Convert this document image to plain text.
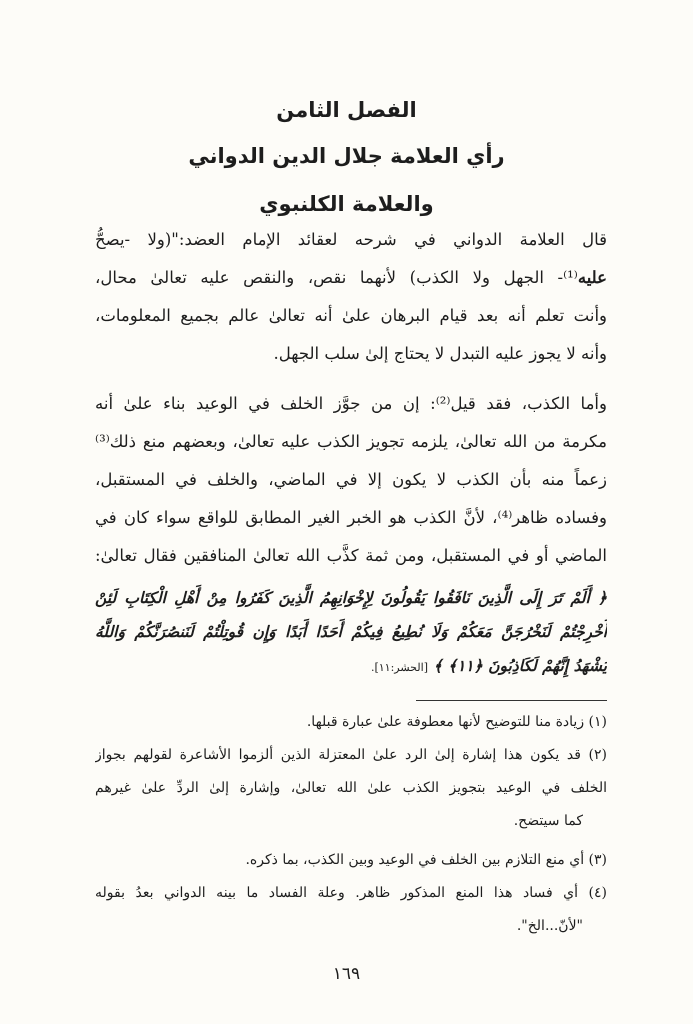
الفصل الثامن
رأي العلامة جلال الدين الدواني
والعلامة الكلنبوي
قال العلامة الدواني في شرحه لعقائد الإمام العضد:"(ولا -يصحُّ
عليه⁽¹⁾- الجهل ولا الكذب) لأنهما نقص، والنقص عليه تعالىٰ محال،
وأنت تعلم أنه بعد قيام البرهان علىٰ أنه تعالىٰ عالم بجميع المعلومات،
وأنه لا يجوز عليه التبدل لا يحتاج إلىٰ سلب الجهل.
وأما الكذب، فقد قيل⁽²⁾: إن من جوَّز الخلف في الوعيد بناء علىٰ أنه
مكرمة من الله تعالىٰ، يلزمه تجويز الكذب عليه تعالىٰ، وبعضهم منع ذلك⁽³⁾
زعماً منه بأن الكذب لا يكون إلا في الماضي، والخلف في المستقبل،
وفساده ظاهر⁽⁴⁾، لأنَّ الكذب هو الخبر الغير المطابق للواقع سواء كان في
الماضي أو في المستقبل، ومن ثمة كذَّب الله تعالىٰ المنافقين فقال تعالىٰ:
﴿ أَلَمْ تَرَ إِلَى الَّذِينَ نَافَقُوا يَقُولُونَ لِإِخْوَانِهِمُ الَّذِينَ كَفَرُوا مِنْ أَهْلِ الْكِتَابِ لَئِنْ
أُخْرِجْتُمْ لَنَخْرُجَنَّ مَعَكُمْ وَلَا نُطِيعُ فِيكُمْ أَحَدًا أَبَدًا وَإِن قُوتِلْتُمْ لَنَنصُرَنَّكُمْ وَاللَّهُ
يَشْهَدُ إِنَّهُمْ لَكَاذِبُونَ ﴿١١﴾ ﴾ [الحشر:١١].
(١) زيادة منا للتوضيح لأنها معطوفة علىٰ عبارة قبلها.
(٢) قد يكون هذا إشارة إلىٰ الرد علىٰ المعتزلة الذين ألزموا الأشاعرة لقولهم بجواز
الخلف في الوعيد بتجويز الكذب علىٰ الله تعالىٰ، وإشارة إلىٰ الردِّ علىٰ غيرهم
كما سيتضح.
(٣) أي منع التلازم بين الخلف في الوعيد وبين الكذب، بما ذكره.
(٤) أي فساد هذا المنع المذكور ظاهر. وعلة الفساد ما بينه الدواني بعدُ بقوله
"لأنّ...الخ".
١٦٩
